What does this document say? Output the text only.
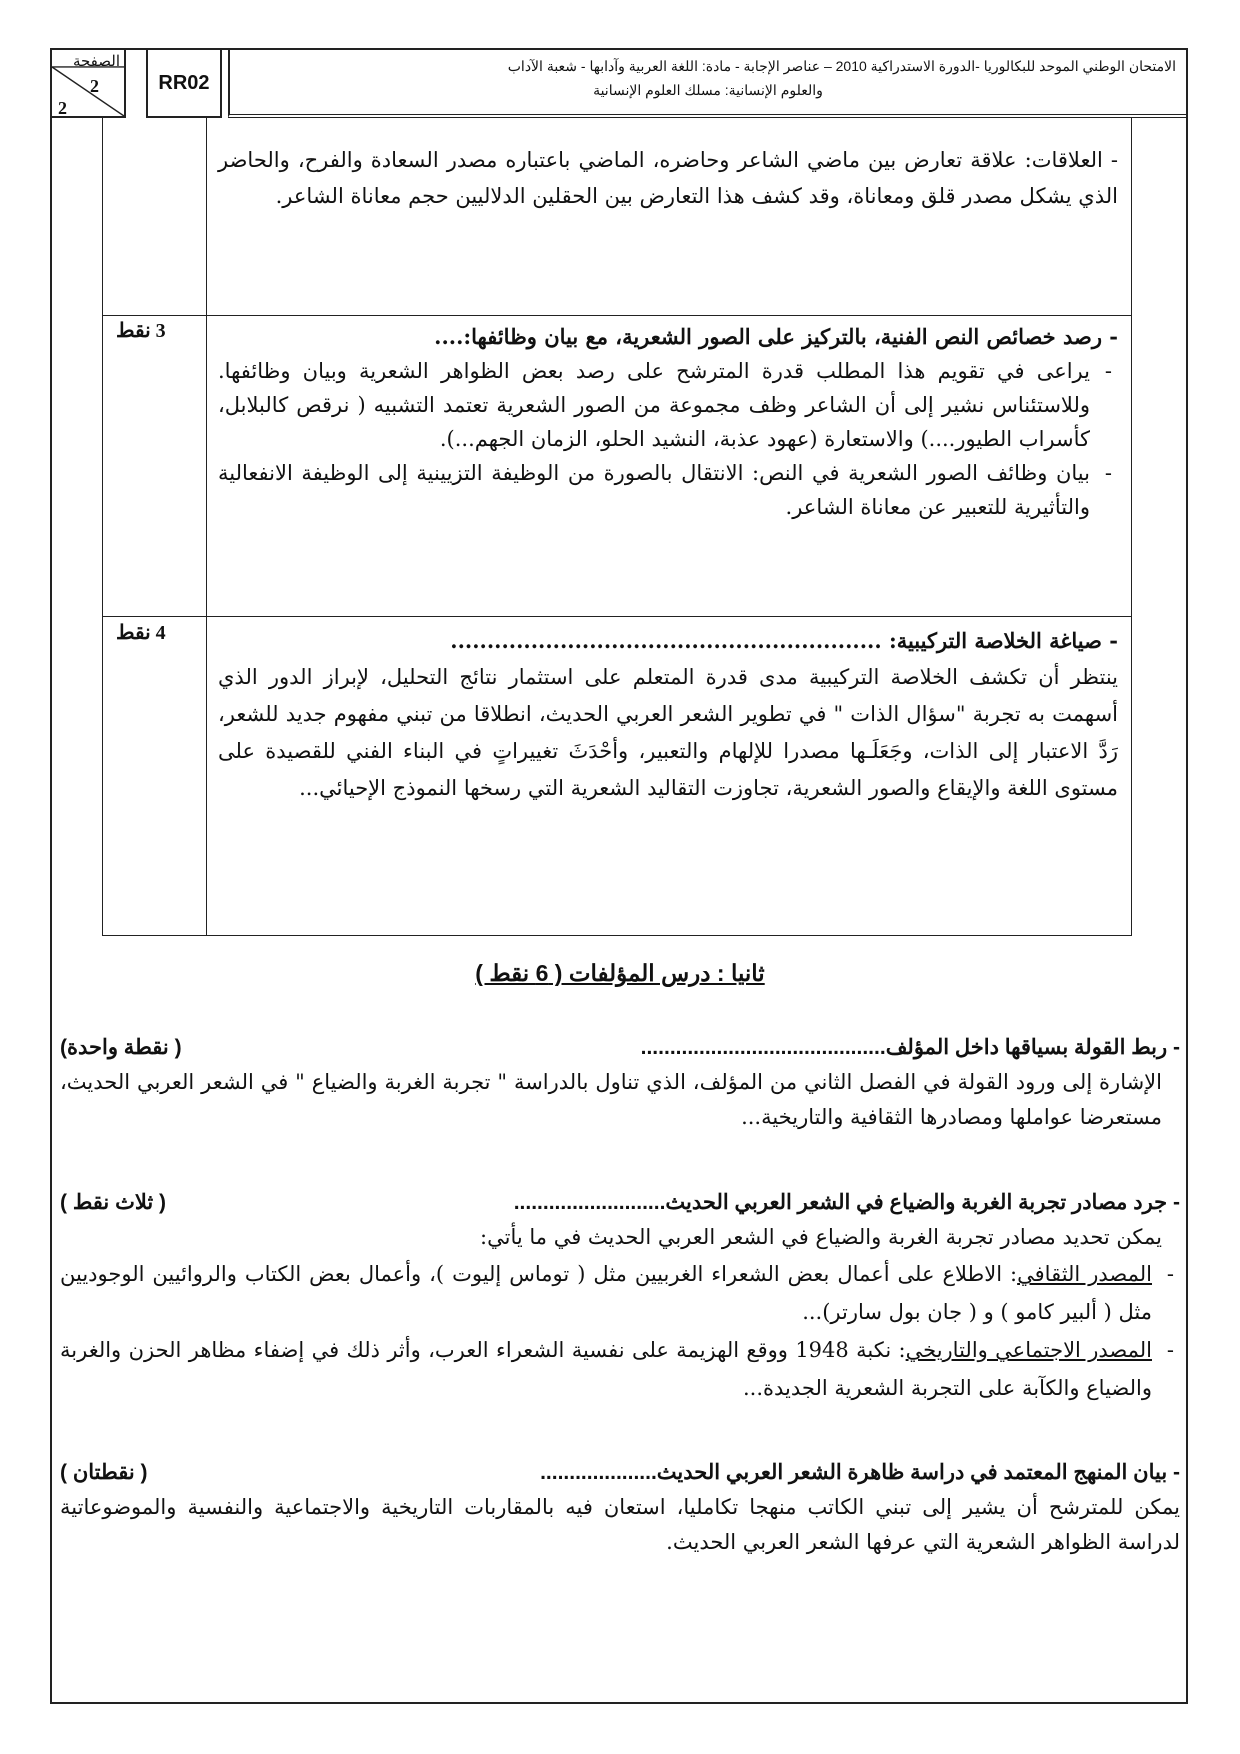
الصفحة
2
2
RR02
الامتحان الوطني الموحد للبكالوريا -الدورة الاستدراكية 2010 – عناصر الإجابة - مادة: اللغة العربية وآدابها - شعبة الآداب
والعلوم الإنسانية: مسلك العلوم الإنسانية
- العلاقات: علاقة تعارض بين ماضي الشاعر وحاضره، الماضي باعتباره مصدر السعادة والفرح، والحاضر الذي يشكل مصدر قلق ومعاناة، وقد كشف هذا التعارض بين الحقلين الدلاليين حجم معاناة الشاعر.
3 نقط	- رصد خصائص النص الفنية، بالتركيز على الصور الشعرية، مع بيان وظائفها:....
- يراعى في تقويم هذا المطلب قدرة المترشح على رصد بعض الظواهر الشعرية وبيان وظائفها. وللاستئناس نشير إلى أن الشاعر وظف مجموعة من الصور الشعرية تعتمد التشبيه ( نرقص كالبلابل، كأسراب الطيور....) والاستعارة (عهود عذبة، النشيد الحلو، الزمان الجهم...).
- بيان وظائف الصور الشعرية في النص: الانتقال بالصورة من الوظيفة التزيينية إلى الوظيفة الانفعالية والتأثيرية للتعبير عن معاناة الشاعر.
4 نقط	- صياغة الخلاصة التركيبية: ...........................................................
ينتظر أن تكشف الخلاصة التركيبية مدى قدرة المتعلم على استثمار نتائج التحليل، لإبراز الدور الذي أسهمت به تجربة "سؤال الذات " في تطوير الشعر العربي الحديث، انطلاقا من تبني مفهوم جديد للشعر، رَدَّ الاعتبار إلى الذات، وجَعَلَـها مصدرا للإلهام والتعبير، وأحْدَثَ تغييراتٍ في البناء الفني للقصيدة على مستوى اللغة والإيقاع والصور الشعرية، تجاوزت التقاليد الشعرية التي رسخها النموذج الإحيائي...
ثانيا : درس المؤلفات ( 6 نقط )
- ربط القولة بسياقها داخل المؤلف..........................................
( نقطة واحدة)
الإشارة إلى ورود القولة في الفصل الثاني من المؤلف، الذي تناول بالدراسة " تجربة الغربة والضياع " في الشعر العربي الحديث، مستعرضا عواملها ومصادرها الثقافية والتاريخية...
- جرد مصادر تجربة الغربة والضياع في الشعر العربي الحديث..........................
( ثلاث نقط )
يمكن تحديد مصادر تجربة الغربة والضياع في الشعر العربي الحديث في ما يأتي:
- المصدر الثقافي: الاطلاع على أعمال بعض الشعراء الغربيين مثل ( توماس إليوت )، وأعمال بعض الكتاب والروائيين الوجوديين مثل ( ألبير كامو ) و ( جان بول سارتر)...
- المصدر الاجتماعي والتاريخي: نكبة 1948 ووقع الهزيمة على نفسية الشعراء العرب، وأثر ذلك في إضفاء مظاهر الحزن والغربة والضياع والكآبة على التجربة الشعرية الجديدة...
- بيان المنهج المعتمد في دراسة ظاهرة الشعر العربي الحديث....................
( نقطتان )
يمكن للمترشح أن يشير إلى تبني الكاتب منهجا تكامليا، استعان فيه بالمقاربات التاريخية والاجتماعية والنفسية والموضوعاتية لدراسة الظواهر الشعرية التي عرفها الشعر العربي الحديث.
